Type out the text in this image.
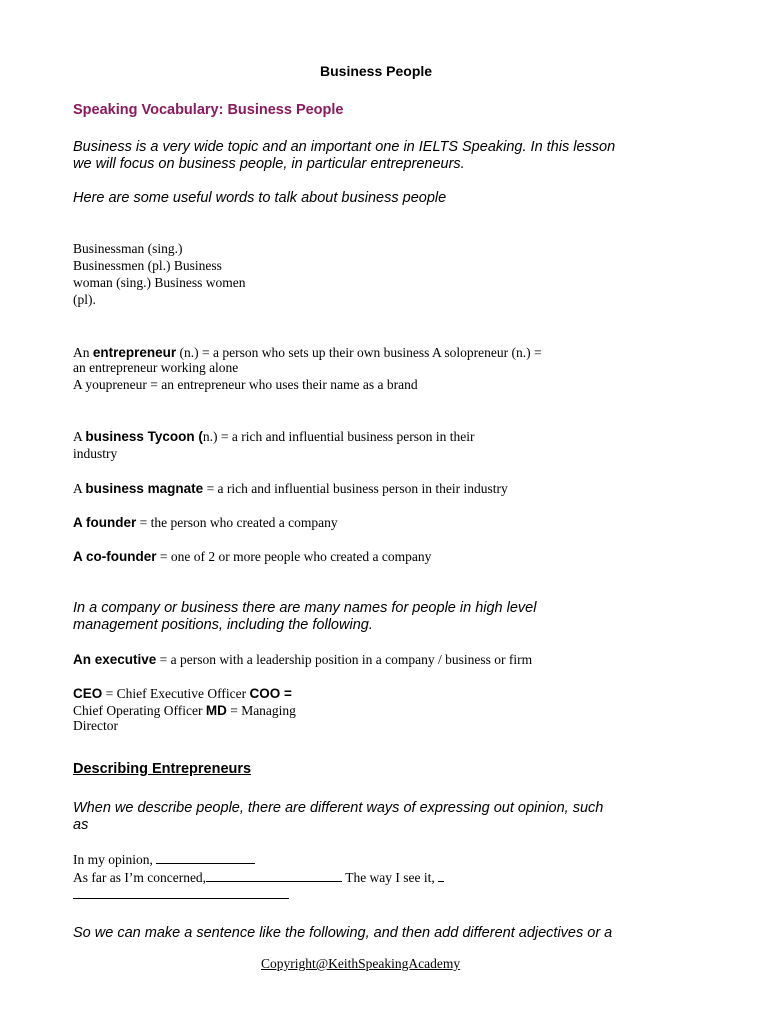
Business People
Speaking Vocabulary: Business People
Business is a very wide topic and an important one in IELTS Speaking. In this lesson
we will focus on business people, in particular entrepreneurs.
Here are some useful words to talk about business people
Businessman (sing.)
Businessmen (pl.) Business
woman (sing.) Business women
(pl).
An entrepreneur (n.) = a person who sets up their own business A solopreneur (n.) =
an entrepreneur working alone
A youpreneur = an entrepreneur who uses their name as a brand
A business Tycoon (n.) = a rich and influential business person in their
industry
A business magnate = a rich and influential business person in their industry
A founder = the person who created a company
A co-founder = one of 2 or more people who created a company
In a company or business there are many names for people in high level
management positions, including the following.
An executive = a person with a leadership position in a company / business or firm
CEO = Chief Executive Officer COO =
Chief Operating Officer MD = Managing
Director
Describing Entrepreneurs
When we describe people, there are different ways of expressing out opinion, such
as
In my opinion,
As far as I’m concerned,	The way I see it,
So we can make a sentence like the following, and then add different adjectives or a
Copyright@KeithSpeakingAcademy
